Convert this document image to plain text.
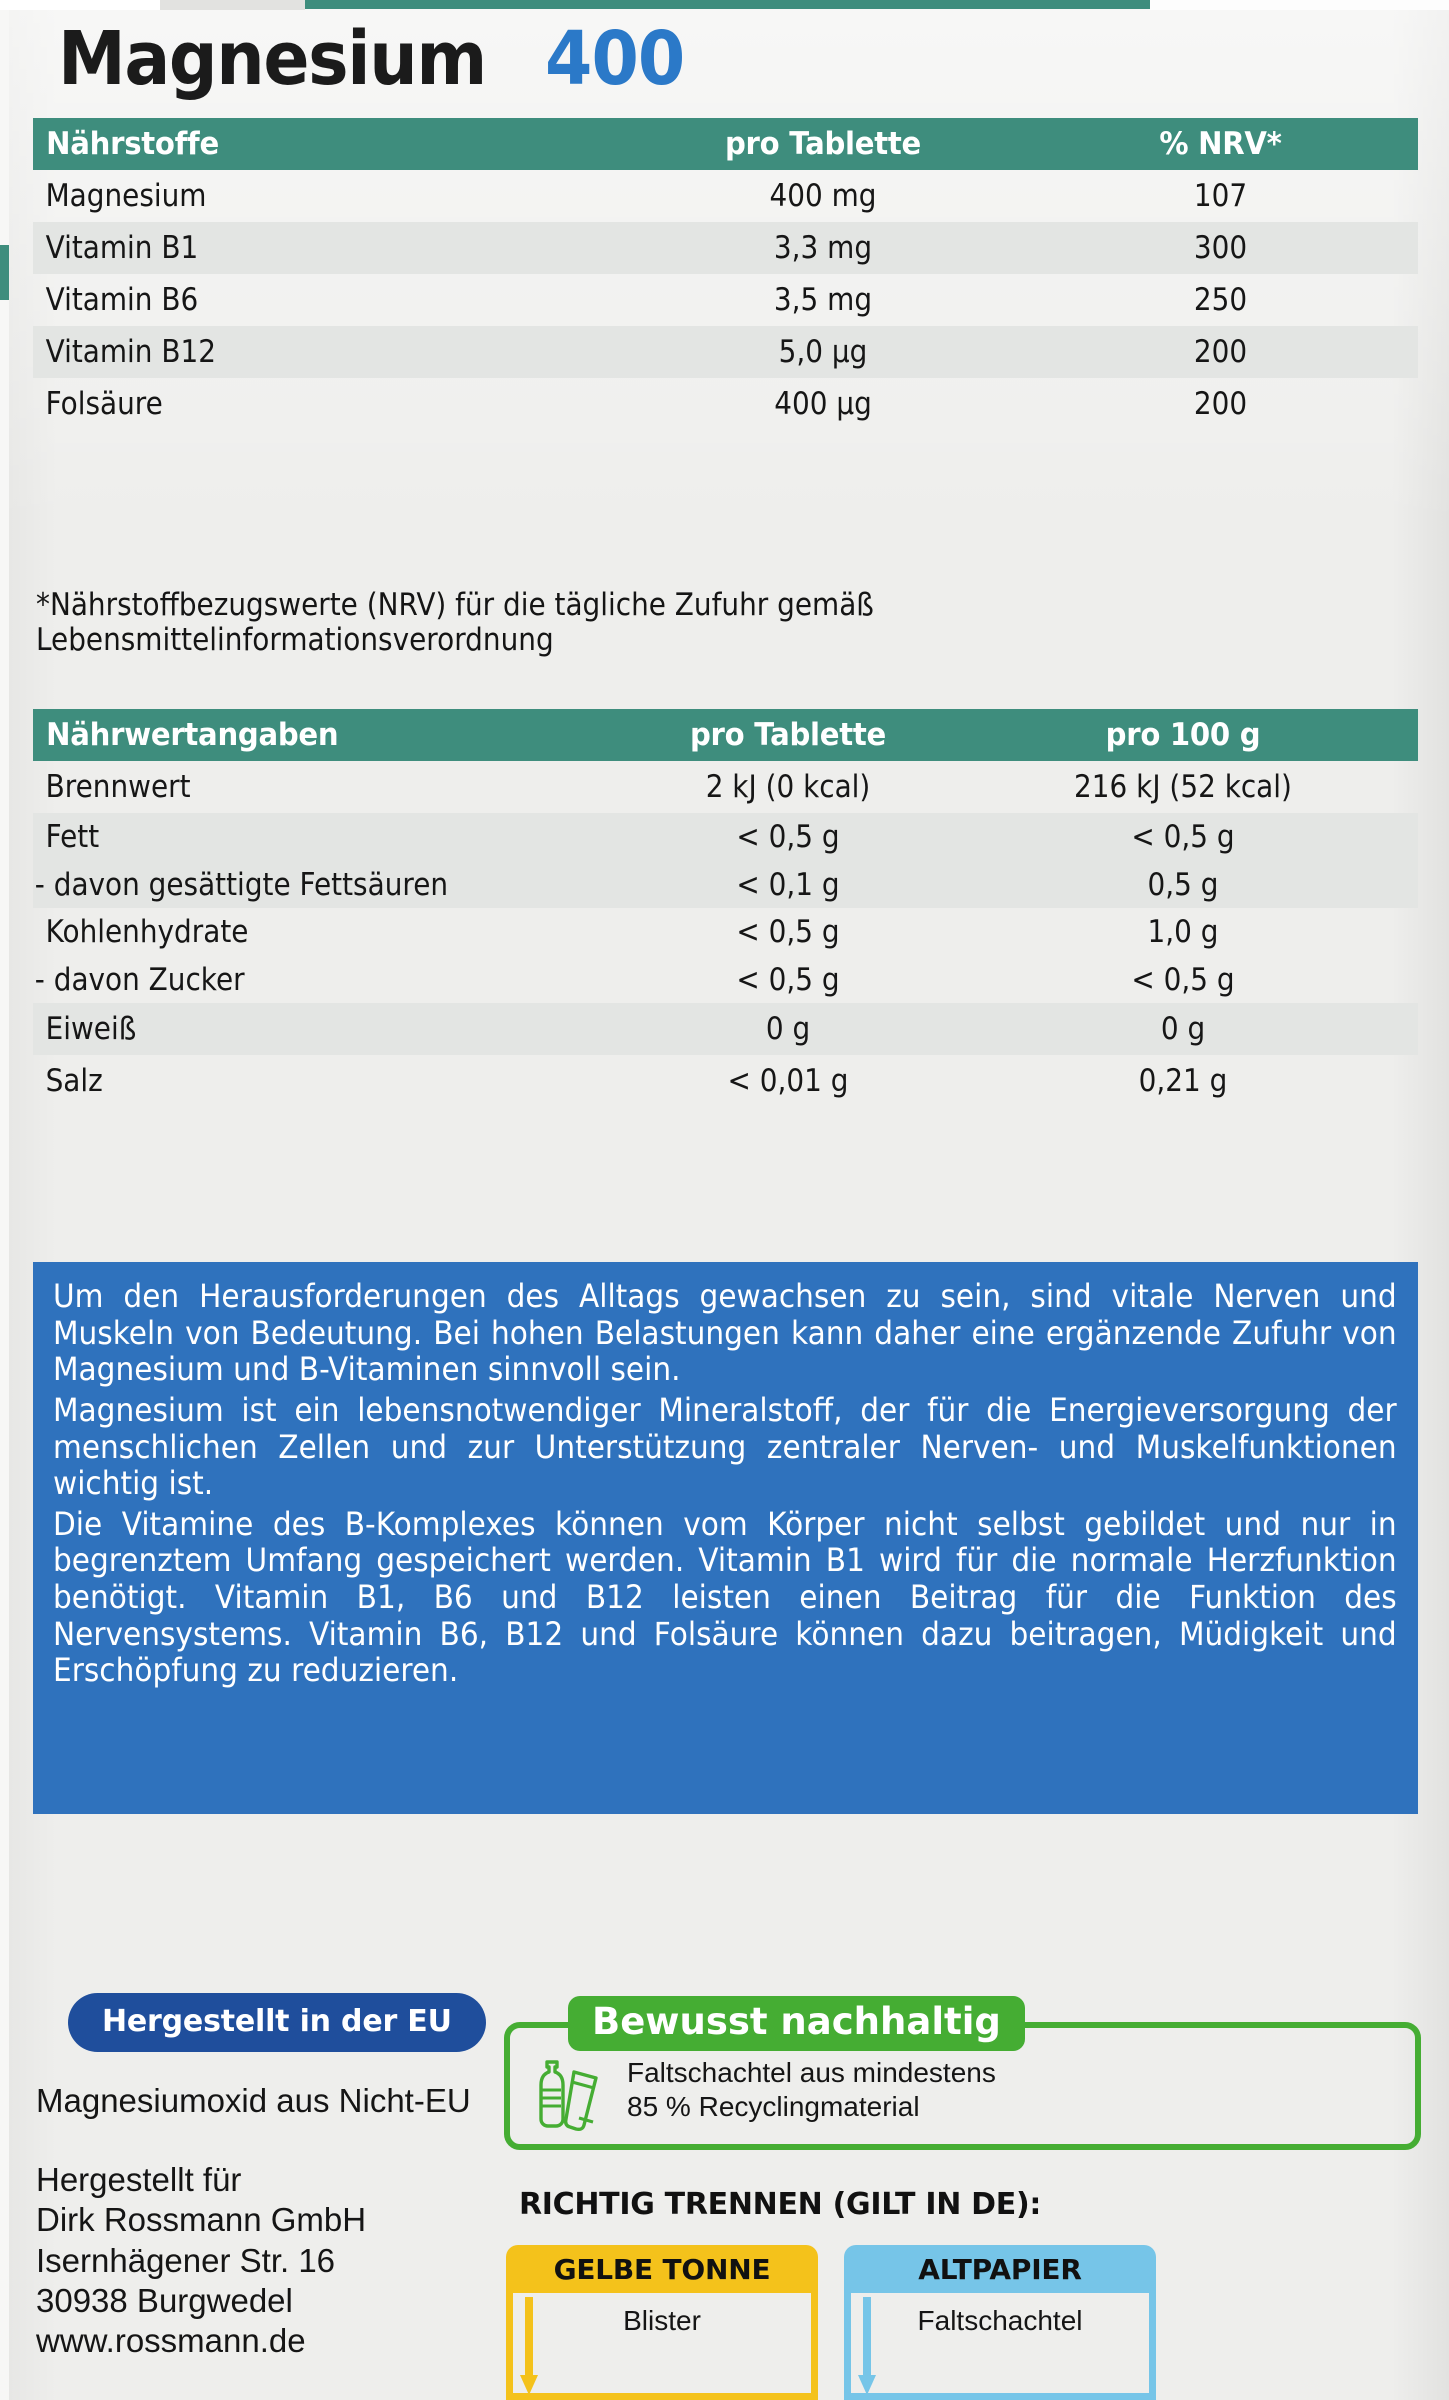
Magnesium 400
Nährstoffe	pro Tablette	% NRV*
Magnesium	400 mg	107
Vitamin B1	3,3 mg	300
Vitamin B6	3,5 mg	250
Vitamin B12	5,0 µg	200
Folsäure	400 µg	200
*Nährstoffbezugswerte (NRV) für die tägliche Zufuhr gemäß Lebensmittelinformationsverordnung
Nährwertangaben	pro Tablette	pro 100 g
Brennwert	2 kJ (0 kcal)	216 kJ (52 kcal)
Fett	< 0,5 g	< 0,5 g
- davon gesättigte Fettsäuren	< 0,1 g	0,5 g
Kohlenhydrate	< 0,5 g	1,0 g
- davon Zucker	< 0,5 g	< 0,5 g
Eiweiß	0 g	0 g
Salz	< 0,01 g	0,21 g

Um den Herausforderungen des Alltags gewachsen zu sein, sind vitale Nerven und Muskeln von Bedeutung. Bei hohen Belastungen kann daher eine ergänzende Zufuhr von Magnesium und B-Vitaminen sinnvoll sein.

Magnesium ist ein lebensnotwendiger Mineralstoff, der für die Energieversorgung der menschlichen Zellen und zur Unterstützung zentraler Nerven- und Muskelfunktionen wichtig ist.

Die Vitamine des B-Komplexes können vom Körper nicht selbst gebildet und nur in begrenztem Umfang gespeichert werden. Vitamin B1 wird für die normale Herzfunktion benötigt. Vitamin B1, B6 und B12 leisten einen Beitrag für die Funktion des Nervensystems. Vitamin B6, B12 und Folsäure können dazu beitragen, Müdigkeit und Erschöpfung zu reduzieren.

Hergestellt in der EU
Magnesiumoxid aus Nicht-EU
Hergestellt für
Dirk Rossmann GmbH
Isernhägener Str. 16
30938 Burgwedel
www.rossmann.de
Bewusst nachhaltig
Faltschachtel aus mindestens
85 % Recyclingmaterial
RICHTIG TRENNEN (GILT IN DE):
GELBE TONNE
Blister
ALTPAPIER
Faltschachtel
